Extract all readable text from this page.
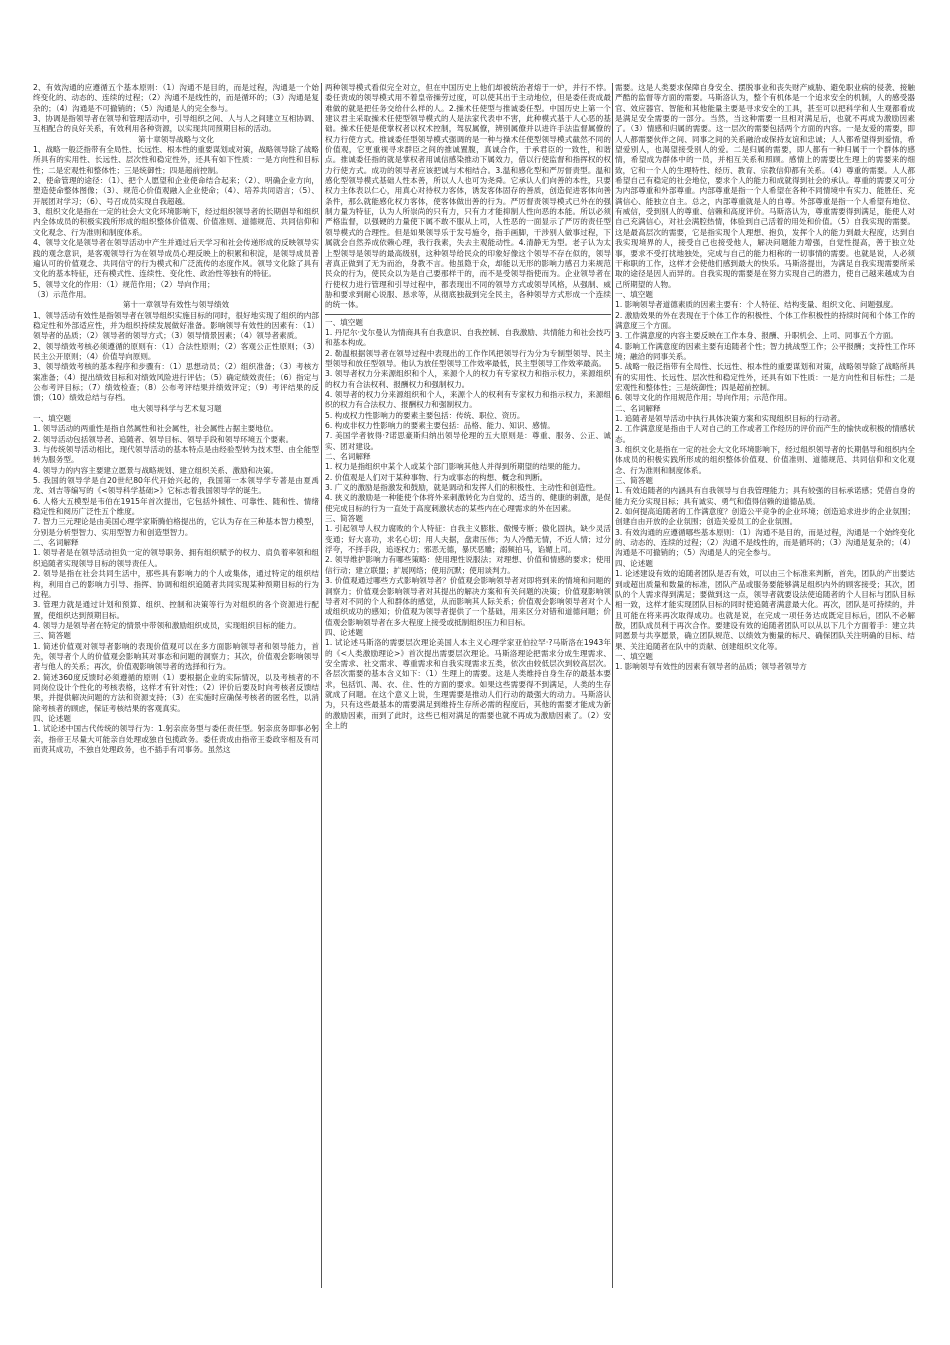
2、有效沟通的应遵循五个基本原则：（1）沟通不是目的，而是过程，沟通是一个始终变化的、动态的、连续的过程；（2）沟通不是线性的，而是循环的；（3）沟通是复杂的；（4）沟通是不可撤销的；（5）沟通是人的完全参与。

3、协调是指领导者在领导和管理活动中，引导组织之间、人与人之间建立互相协调、互相配合的良好关系，有效利用各种资源，以实现共同预期目标的活动。

第十章领导战略与文化

1、战略一般泛指带有全局性、长远性、根本性的重要谋划或对策，战略领导除了战略所具有的实用性、长远性、层次性和稳定性外，还具有如下性质：一是方向性和目标性；二是宏观性和整体性；三是统御性；四是超前控制。

2、使命管理的途径：（1）、把个人愿望和企业使命结合起来；（2）、明确企业方向，塑造使命整体图像；（3）、规范心价值观融入企业使命；（4）、培养共同语言；（5）、开展团对学习；（6）、号召成员实现自我超越。

3、组织文化是指在一定的社会大文化环境影响下，经过组织领导者的长期倡导和组织内全体成员的积极实践所形成的组织整体价值观、价值准则、道德规范、共同信仰和文化观念、行为准则和制度体系。

4、领导文化是领导者在领导活动中产生并通过后天学习和社会传递形成的反映领导实践的观念意识，是客观领导行为在领导成员心理反映上的积累和积淀，是领导成员普遍认可的价值观念、共同信守的行为模式和广泛流传的态度作风。领导文化除了具有文化的基本特征，还有模式性、连续性、变化性、政治性等独有的特征。

5、领导文化的作用：（1）规范作用；（2）导向作用；

（3）示范作用。

第十一章领导有效性与领导绩效

1、领导活动有效性是指领导者在领导组织实施目标的同时，很好地实现了组织的内部稳定性和外部适应性，并为组织持续发展做好准备。影响领导有效性的因素有：（1）领导者的品质；（2）领导者的领导方式；（3）领导情景因素；（4）领导者素质。

2、领导绩效考核必须遵循的原则有：（1）合法性原则；（2）客观公正性原则；（3）民主公开原则；（4）价值导向原则。

3、领导绩效考核的基本程序和步骤有：（1）思想动员；（2）组织准备；（3）考核方案准备；（4）提出绩效目标和对绩效风险进行评估；（5）确定绩效责任；（6）指定与公布考评目标；（7）绩效检查；（8）公布考评结果并绩效评定；（9）考评结果的反馈；（10）绩效总结与存档。

电大领导科学与艺术复习题

一、填空题

1. 领导活动的两重性是指自然属性和社会属性，社会属性占据主要地位。

2. 领导活动包括领导者、追随者、领导目标、领导手段和领导环境五个要素。

3. 与传统领导活动相比，现代领导活动的基本特点是由经验型转为技术型、由全能型转为服务型。

4. 领导力的内容主要建立愿景与战略规划、建立组织关系、激励和决策。

5. 我国的领导学是自20世纪80年代开始兴起的，我国第一本领导学专著是由夏禹龙、刘吉等编写的《<领导科学基础>》它标志着我国领导学的诞生。

6. 人格大五模型是韦伯在1915年首次提出，它包括外倾性、可靠性、随和性、情绪稳定性和阅历广泛性五个维度。

7. 智力三元理论是由美国心理学家斯腾伯格提出的，它认为存在三种基本智力模型，分别是分析型智力、实用型智力和创造型智力。

二、名词解释

1. 领导者是在领导活动担负一定的领导职务、拥有组织赋予的权力、肩负着率领和组织追随者实现领导目标的领导责任人。

2. 领导是指在社会共同生活中，那些具有影响力的个人或集体，通过特定的组织结构，利用自己的影响力引导、指挥、协调和组织追随者共同实现某种预期目标的行为过程。

3. 管理力就是通过计划和预算、组织、控制和决策等行为对组织的各个资源进行配置，使组织达到预期目标。

4. 领导力是领导者在特定的情景中带领和激励组织成员，实现组织目标的能力。

三、简答题

1. 简述价值观对领导者影响的表现价值观可以在多方面影响领导者和领导能力，首先，领导者个人的价值观会影响其对事态和问题的洞察力；其次，价值观会影响领导者与他人的关系；再次，价值观影响领导者的选择和行为。

2. 简述360度反馈时必须遵循的原则（1）要根据企业的实际情况，以及考核者的不同岗位设计个性化的考核表格，这样才有针对性；（2）评价后要及时向考核者反馈结果，并提供解决问题的方法和资源支持；（3）在实施时应确保考核者的匿名性，以消除考核者的顾虑，保证考核结果的客观真实。

四、论述题

1. 试论述中国古代传统的领导行为：1.躬亲庶务型与委任责任型。躬亲庶务即事必躬亲，指帝王尽量大可能亲自处理或独自包揽政务。委任责成由指帝王委政宰相及有司而责其成功，不独自处理政务，也不插手有司事务。虽然这

两种领导模式看似完全对立，但在中国历史上他们却被统治者熔于一炉，并行不悖。委任责成的领导模式用不着皇帝操劳过度，可以使其出于主动地位，但是委任责成最难做的就是把任务交给什么样的人。2.操术任使型与推诚委任型。中国历史上第一个建议君主采取操术任使型领导模式的人是法家代表申不害，此种模式基于人心恶的基础。操术任使是使掌权者以权术控制，驾驭属僚，辨别属僚并以进许手法监督属僚的权力行使方式。推诚委任型领导模式强调的是一种与操术任使型领导模式截然不同的价值观，它更重视寻求群臣之间的推诚置腹，真诚合作，于承君臣的一致性，和谐点。推诚委任指的就是掌权者用诚信感染推动下属效力，借以行使监督和指挥权的权力行使方式。成功的领导者应该把诚与术相结合。3.温和感化型和严厉督责型。温和感化型领导模式基础人性本善，所以人人也可为尧舜。它承认人们向善的本性，只要权力主体表以仁心，用真心对待权力客体，诱发客体固存的善质，创造促进客体向善条件，那么就能感化权力客体，使客体做出善的行为。严厉督责领导模式已外在的强制力量为特征，认为人所崇尚的只有力，只有力才能抑制人性向恶的本能。所以必须严格监督，以强硬的力量使下属不敢不服从上司，人性恶的一面显示了严厉的责任型领导模式的合理性。但是如果领导乐于发号施令，指手画脚，干涉别人做事过程，下属就会自然养成依赖心理，我行我素，失去主观能动性。4.清静无为型。老子认为太上型领导是领导的最高级别，这种领导给民众的印象好像这个领导不存在似的，领导者真正做到了无为而治，身教不言。他虽隐于众，却能以无形的影响力感召力来规范民众的行为，使民众以为是自己要那样干的，而不是受领导指使而为。企业领导者在行使权力进行管理和引导过程中，都表现出不同的领导方式或领导风格，从强制、威胁和要求到耐心说服、恳求等，从彻底独裁到完全民主，各种领导方式形成一个连续的统一体。

一、填空题

1. 丹尼尔·戈尔曼认为情商具有自我意识、自我控制、自我激励、共情能力和社会技巧和基本构成。

2. 勒温根据领导者在领导过程中表现出的工作作风把领导行为分为专制型领导、民主型领导和放任型领导。他认为放任型领导工作效率最低，民主型领导工作效率最高。

3. 领导者权力分来源组织和个人，来源个人的权力有专家权力和指示权力，来源组织的权力有合法权利、报酬权力和强制权力。

4. 领导者的权力分来源组织和个人，来源个人的权利有专家权力和指示权力，来源组织的权力有合法权力、报酬权力和强制权力。

5. 构成权力性影响力的要素主要包括：传统、职位、资历。

6. 构成非权力性影响力的要素主要包括：品格、能力、知识、感情。

7. 美国学者彼得·?诺思豪斯归纳出领导伦理的五大原则是：尊重、服务、公正、诚实、团对建设。

二、名词解释

1. 权力是指组织中某个人或某个部门影响其他人并得到所期望的结果的能力。

2. 价值观是人们对于某种事物、行为或事态的构想、概念和判断。

3. 广义的激励是指激发和鼓励，就是调动和发挥人们的积极性、主动性和创造性。

4. 狭义的激励是一种能使个体将外来刺激转化为自觉的、适当的、健康的刺激，是促使完成目标的行为一直处于高度刺激状态的某些内在心理需求的外在因素。

三、简答题

1. 引起领导人权力腐败的个人特征：自我主义膨胀、傲慢专断；傲化固执，缺少灵活变通；好大喜功，求名心切；用人夫据，盘肃压伟；为人冷酷无情，不近人情；过分浮夸，不择手段，追逐权力；邪恶无德，暴厌恶雕；溺频拍马，谄媚上司。

2. 领导维护影响力有哪些策略：使用理性说服法；对理想、价值和情感的要求；使用信行动；建立联盟；扩展网络；使用沉默；使用谈判力。

3. 价值观通过哪些方式影响领导者？价值观会影响领导者对即将到来的情境和问题的洞察力；价值观会影响领导者对其提出的解决方案和有关问题的决策；价值观影响领导者对不同的个人和群体的感觉，从而影响其人际关系；价值观会影响领导者对个人或组织成功的感知；价值观为领导者提供了一个基础，用来区分对错和道德问题；价值观会影响领导者在多大程度上接受或抵制组织压力和目标。

四、论述题

1. 试论述马斯洛的需要层次理论美国人本主义心理学家亚伯拉罕·?马斯洛在1943年的《<人类激励理论>》首次提出需要层次理论。马斯洛理论把需求分成生理需求、安全需求、社交需求、尊重需求和自我实现需求五类，依次由较低层次到较高层次。各层次需要的基本含义如下：（1）生理上的需要。这是人类维持自身生存的最基本要求，包括饥、渴、衣、住、性的方面的要求。如果这些需要得不到满足，人类的生存就成了问题。在这个意义上说，生理需要是推动人们行动的最强大的动力。马斯洛认为，只有这些最基本的需要满足到维持生存所必需的程度后，其他的需要才能成为新的激励因素，而到了此时，这些已相对满足的需要也就不再成为激励因素了。（2）安全上的

需要。这是人类要求保障自身安全、摆脱事业和丧失财产威胁、避免职业病的侵袭、接触严酷的监督等方面的需要。马斯洛认为，整个有机体是一个追求安全的机制，人的感受器官、效应器官、智能和其他能量主要是寻求安全的工具，甚至可以把科学和人生观都看成是满足安全需要的一部分。当然，当这种需要一旦相对满足后，也就不再成为激励因素了。（3）情感和归属的需要。这一层次的需要包括两个方面的内容。一是友爱的需要，即人人都需要伙伴之间、同事之间的关系融洽或保持友谊和忠诚；人人都希望得到爱情，希望爱别人，也渴望接受别人的爱。二是归属的需要，即人都有一种归属于一个群体的感情，希望成为群体中的一员，并相互关系和照顾。感情上的需要比生理上的需要来的细致，它和一个人的生理特性、经历、教育、宗教信仰都有关系。（4）尊重的需要。人人都希望自己有稳定的社会地位，要求个人的能力和成就得到社会的承认。尊重的需要又可分为内部尊重和外部尊重。内部尊重是指一个人希望在各种不同情境中有实力、能胜任、充满信心、能独立自主。总之，内部尊重就是人的自尊。外部尊重是指一个人希望有地位、有威信，受到别人的尊重、信赖和高度评价。马斯洛认为，尊重需要得到满足，能使人对自己充满信心，对社会满腔热情，体验到自己活着的用处和价值。（5）自我实现的需要。这是最高层次的需要，它是指实现个人理想、抱负，发挥个人的能力到最大程度，达到自我实现境界的人，接受自己也接受他人，解决问题能力增强，自觉性提高，善于独立处事，要求不受打扰地独处，完成与自己的能力相称的一切事情的需要。也就是说，人必须干称职的工作，这样才会使他们感到最大的快乐。马斯洛提出，为满足自我实现需要所采取的途径是因人而异的。自我实现的需要是在努力实现自己的潜力，使自己越来越成为自己所期望的人物。

一、填空题

1. 影响领导者道德素质的因素主要有：个人特征、结构变量、组织文化、问题强度。

2. 激励效果的外在表现在于个体工作的积极性、个体工作积极性的持续时间和个体工作的满意度三个方面。

3. 工作满意度的内容主要反映在工作本身、报酬、升职机会、上司、同事五个方面。

4. 影响工作满意度的因素主要有追随者个性；智力挑战型工作；公平报酬；支持性工作环境；融洽的同事关系。

5. 战略一般泛指带有全局性、长远性、根本性的重要谋划和对策，战略领导除了战略所具有的实用性、长远性、层次性和稳定性外，还具有如下性质：一是方向性和目标性；二是宏观性和整体性；三是统御性；四是超前控制。

6. 领导文化的作用规范作用；导向作用；示范作用。

二、名词解释

1. 追随者是领导活动中执行具体决策方案和实现组织目标的行动者。

2. 工作满意度是指由于人对自己的工作或者工作经历的评价而产生的愉快或积极的情感状态。

3. 组织文化是指在一定的社会大文化环境影响下，经过组织领导者的长期倡导和组织内全体成员的积极实践所形成的组织整体价值观、价值准则、道德规范、共同信仰和文化观念、行为准则和制度体系。

三、简答题

1. 有效追随者的内涵具有自我领导与自我管理能力；具有较强的目标承诺感；凭借自身的能力充分实现目标；具有诚实、勇气和值得信赖的道德品质。

2. 如何提高追随者的工作满意度？创造公平竞争的企业环境；创造追求进步的企业氛围；创建自由开放的企业氛围；创造关爱员工的企业氛围。

3. 有效沟通的应遵循哪些基本原则：（1）沟通不是目的，而是过程，沟通是一个始终变化的、动态的、连续的过程；（2）沟通不是线性的，而是循环的；（3）沟通是复杂的；（4）沟通是不可撤销的；（5）沟通是人的完全参与。

四、论述题

1. 论述建设有效的追随者团队是否有效，可以由三个标准来判断，首先，团队的产出要达到或超出质量和数量的标准，团队产品或服务要能够满足组织内外的顾客接受；其次，团队的个人需求得到满足；要做到这一点，领导者就要设法使追随者的个人目标与团队目标相一致，这样才能实现团队目标的同时使追随者满意最大化。再次，团队是可持续的，并且可能在将来再次取得成功。也就是说，在完成一项任务达成既定目标后，团队不必解散，团队成员利于再次合作。要建设有效的追随者团队可以从以下几个方面着手：建立共同愿景与共享愿景，确立团队规范、以绩效为衡量的标尺、确保团队关注明确的目标、结果、关注追随者在队中的贡献、创建组织文化等。

一、填空题

1. 影响领导有效性的因素有领导者的品质；领导者领导方
